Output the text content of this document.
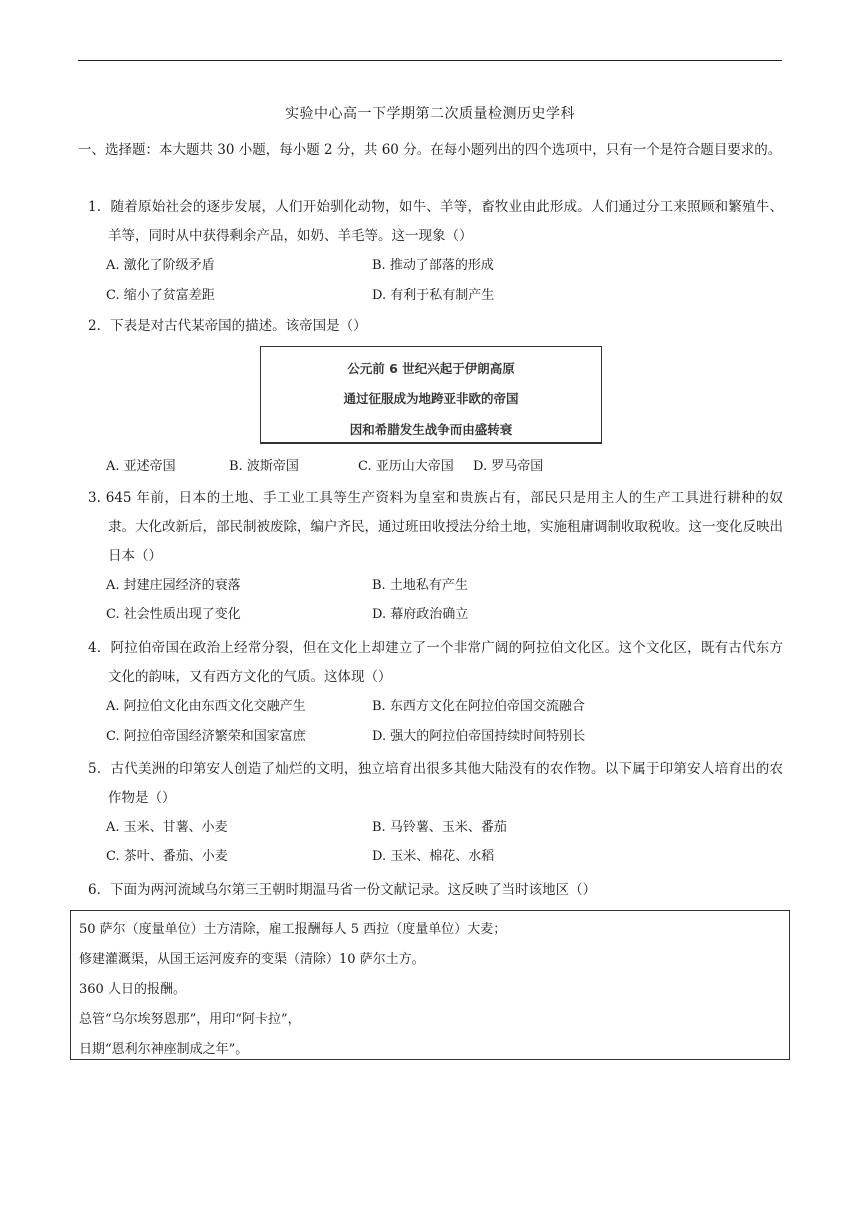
实验中心高一下学期第二次质量检测历史学科
一、选择题：本大题共 30 小题，每小题 2 分，共 60 分。在每小题列出的四个选项中，只有一个是符合题目要求的。
1．随着原始社会的逐步发展，人们开始驯化动物，如牛、羊等，畜牧业由此形成。人们通过分工来照顾和繁殖牛、羊等，同时从中获得剩余产品，如奶、羊毛等。这一现象（）
A. 激化了阶级矛盾	B. 推动了部落的形成
C. 缩小了贫富差距	D. 有利于私有制产生
2．下表是对古代某帝国的描述。该帝国是（）
公元前 6 世纪兴起于伊朗高原
通过征服成为地跨亚非欧的帝国
因和希腊发生战争而由盛转衰
A. 亚述帝国	B. 波斯帝国	C. 亚历山大帝国	D. 罗马帝国
3. 645 年前，日本的土地、手工业工具等生产资料为皇室和贵族占有，部民只是用主人的生产工具进行耕种的奴隶。大化改新后，部民制被废除，编户齐民，通过班田收授法分给土地，实施租庸调制收取税收。这一变化反映出日本（）
A. 封建庄园经济的衰落	B. 土地私有产生
C. 社会性质出现了变化	D. 幕府政治确立
4．阿拉伯帝国在政治上经常分裂，但在文化上却建立了一个非常广阔的阿拉伯文化区。这个文化区，既有古代东方文化的韵味，又有西方文化的气质。这体现（）
A. 阿拉伯文化由东西文化交融产生	B. 东西方文化在阿拉伯帝国交流融合
C. 阿拉伯帝国经济繁荣和国家富庶	D. 强大的阿拉伯帝国持续时间特别长
5．古代美洲的印第安人创造了灿烂的文明，独立培育出很多其他大陆没有的农作物。以下属于印第安人培育出的农作物是（）
A. 玉米、甘薯、小麦	B. 马铃薯、玉米、番茄
C. 茶叶、番茄、小麦	D. 玉米、棉花、水稻
6．下面为两河流域乌尔第三王朝时期温马省一份文献记录。这反映了当时该地区（）
50 萨尔（度量单位）土方清除，雇工报酬每人 5 西拉（度量单位）大麦；
修建灌溉渠，从国王运河废弃的变渠（清除）10 萨尔土方。
360 人日的报酬。
总管“乌尔埃努恩那”，用印“阿卡拉”，
日期“恩利尔神座制成之年”。
